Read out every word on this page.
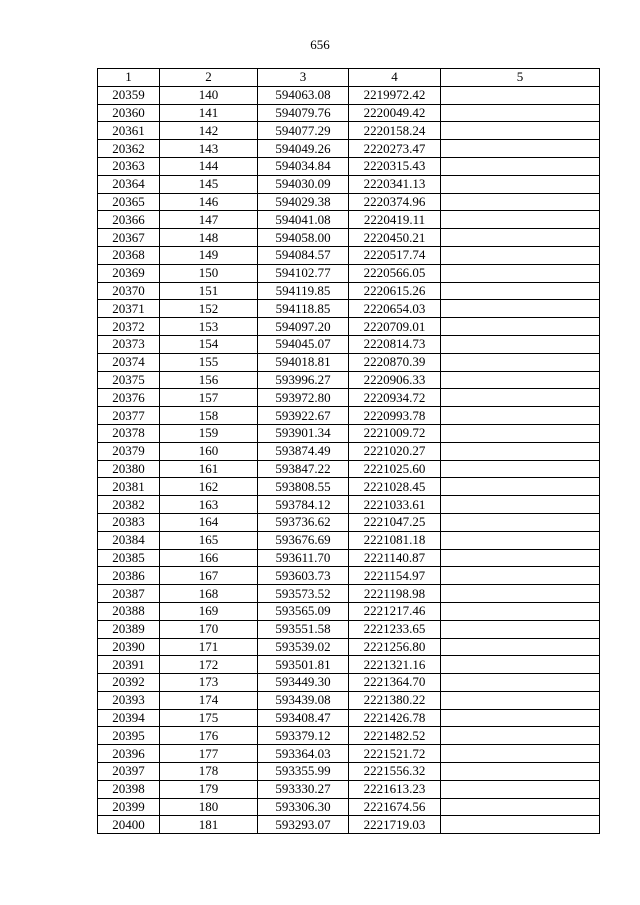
656
1	2	3	4	5
20359	140	594063.08	2219972.42	
20360	141	594079.76	2220049.42	
20361	142	594077.29	2220158.24	
20362	143	594049.26	2220273.47	
20363	144	594034.84	2220315.43	
20364	145	594030.09	2220341.13	
20365	146	594029.38	2220374.96	
20366	147	594041.08	2220419.11	
20367	148	594058.00	2220450.21	
20368	149	594084.57	2220517.74	
20369	150	594102.77	2220566.05	
20370	151	594119.85	2220615.26	
20371	152	594118.85	2220654.03	
20372	153	594097.20	2220709.01	
20373	154	594045.07	2220814.73	
20374	155	594018.81	2220870.39	
20375	156	593996.27	2220906.33	
20376	157	593972.80	2220934.72	
20377	158	593922.67	2220993.78	
20378	159	593901.34	2221009.72	
20379	160	593874.49	2221020.27	
20380	161	593847.22	2221025.60	
20381	162	593808.55	2221028.45	
20382	163	593784.12	2221033.61	
20383	164	593736.62	2221047.25	
20384	165	593676.69	2221081.18	
20385	166	593611.70	2221140.87	
20386	167	593603.73	2221154.97	
20387	168	593573.52	2221198.98	
20388	169	593565.09	2221217.46	
20389	170	593551.58	2221233.65	
20390	171	593539.02	2221256.80	
20391	172	593501.81	2221321.16	
20392	173	593449.30	2221364.70	
20393	174	593439.08	2221380.22	
20394	175	593408.47	2221426.78	
20395	176	593379.12	2221482.52	
20396	177	593364.03	2221521.72	
20397	178	593355.99	2221556.32	
20398	179	593330.27	2221613.23	
20399	180	593306.30	2221674.56	
20400	181	593293.07	2221719.03	
